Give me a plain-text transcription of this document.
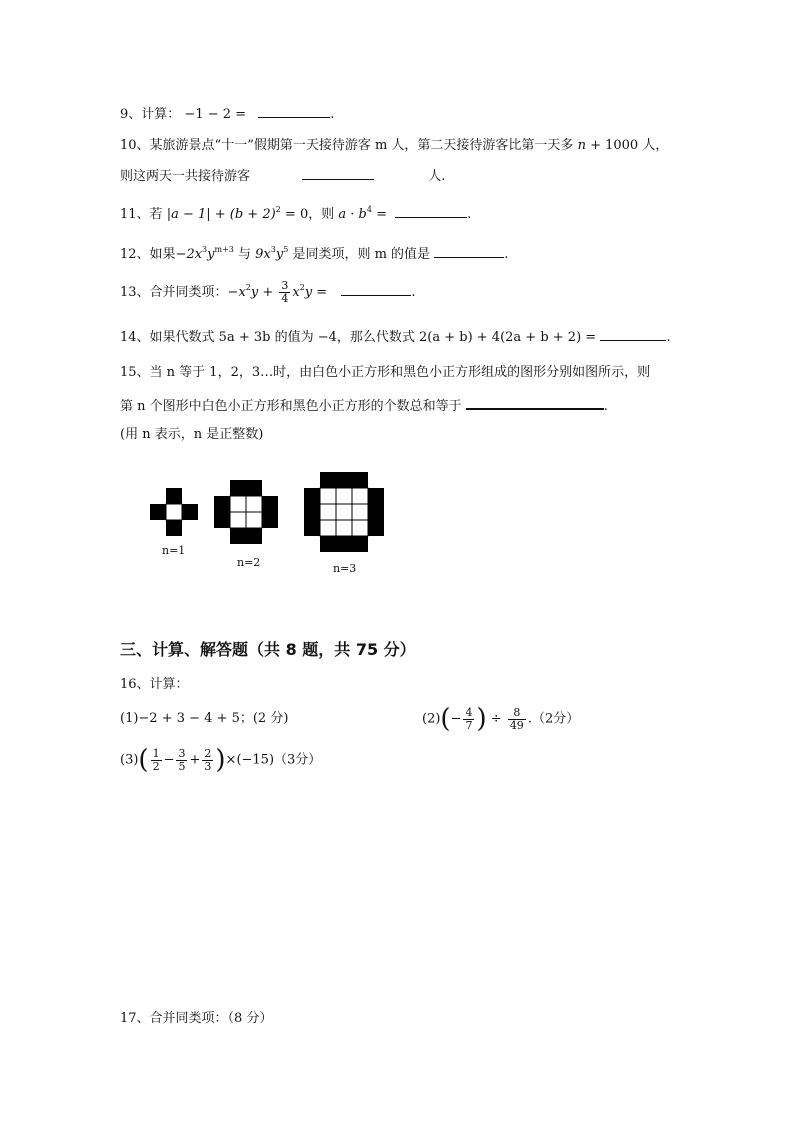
9、计算： −1 − 2 =	.
10、某旅游景点“十一”假期第一天接待游客 m 人，第二天接待游客比第一天多 n + 1000 人，
则这两天一共接待游客	人.
11、若 $|a - 1| + (b + 2)^2 = 0$，则 $a \cdot b^4$ =	.
12、如果$-2x^3y^{m+3}$ 与 $9x^3y^5$ 是同类项，则 m 的值是	.
13、合并同类项：$-x^2y + \frac{3}{4} x^2y$ =	.
14、如果代数式 5a + 3b 的值为 −4，那么代数式 2(a + b) + 4(2a + b + 2) =	.
15、当 n 等于 1，2，3…时，由白色小正方形和黑色小正方形组成的图形分别如图所示，则
第 n 个图形中白色小正方形和黑色小正方形的个数总和等于	.
(用 n 表示，n 是正整数)
n=1
n=2	n=3
三、计算、解答题（共 8 题，共 75 分）
16、计算：
(1)−2 + 3 − 4 + 5；(2 分)	$(2)(- \frac{4}{7}$ ) ÷ $\frac{8}{49} .(2$分）
$(3)( \frac{1}{2} - \frac{3}{5} + \frac{2}{3} )\times(-15)(3$分）
17、合并同类项：（8 分）
